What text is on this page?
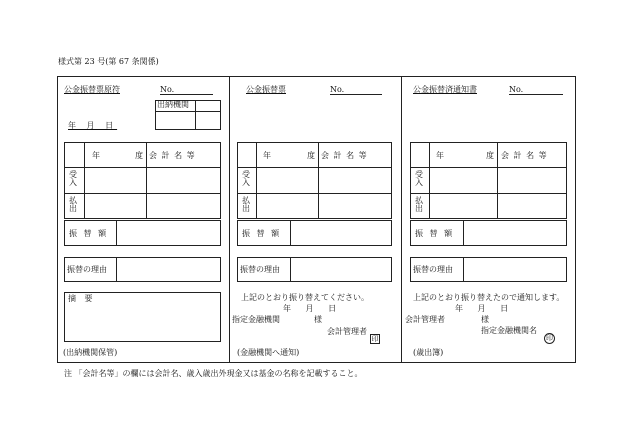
様式第 23 号(第 67 条関係)
公金振替票原符	No.
出納機関
年 月 日
年	度 会 計 名 等
受入
払出
振 替 額
振替の理由
摘 要
(出納機関保管)
公金振替票	No.
年	度 会 計 名 等
受入
払出
振 替 額
振替の理由
上記のとおり振り替えてください。
年 月 日
指定金融機関	様
会計管理者
印
(金融機関へ通知)
公金振替済通知書	No.
年	度 会 計 名 等
受入
払出
振 替 額
振替の理由
上記のとおり振り替えたので通知します。
年 月 日
会計管理者	様
指定金融機関名
印
(歳出簿)
注 「会計名等」の欄には会計名、歳入歳出外現金又は基金の名称を記載すること。
